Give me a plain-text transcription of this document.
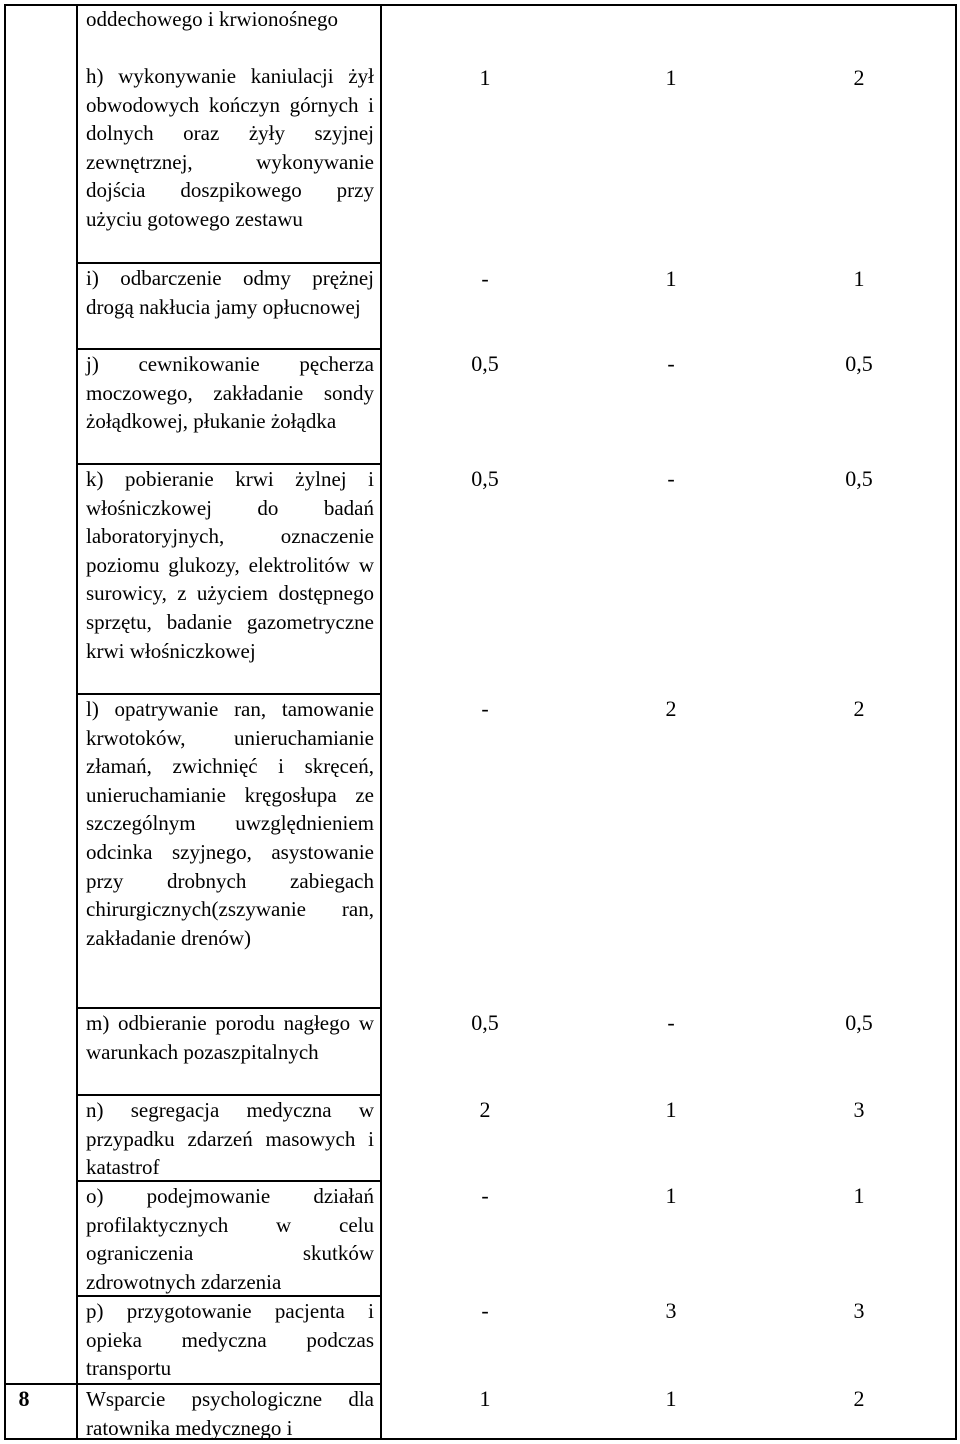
oddechowego i krwionośnego
h) wykonywanie kaniulacji żył obwodowych kończyn górnych i dolnych oraz żyły szyjnej zewnętrznej, wykonywanie dojścia doszpikowego przy użyciu gotowego zestawu
1	1	2
i) odbarczenie odmy prężnej drogą nakłucia jamy opłucnowej
-	1	1
j) cewnikowanie pęcherza moczowego, zakładanie sondy żołądkowej, płukanie żołądka
0,5	-	0,5
k) pobieranie krwi żylnej i włośniczkowej do badań laboratoryjnych, oznaczenie poziomu glukozy, elektrolitów w surowicy, z użyciem dostępnego sprzętu, badanie gazometryczne krwi włośniczkowej
0,5	-	0,5
l) opatrywanie ran, tamowanie krwotoków, unieruchamianie złamań, zwichnięć i skręceń, unieruchamianie kręgosłupa ze szczególnym uwzględnieniem odcinka szyjnego, asystowanie przy drobnych zabiegach chirurgicznych(zszywanie ran, zakładanie drenów)
-	2	2
m) odbieranie porodu nagłego w warunkach pozaszpitalnych
0,5	-	0,5
n) segregacja medyczna w przypadku zdarzeń masowych i katastrof
2	1	3
o) podejmowanie działań profilaktycznych w celu ograniczenia skutków zdrowotnych zdarzenia
-	1	1
p) przygotowanie pacjenta i opieka medyczna podczas transportu
-	3	3
8	Wsparcie psychologiczne dla ratownika medycznego i
1	1	2
